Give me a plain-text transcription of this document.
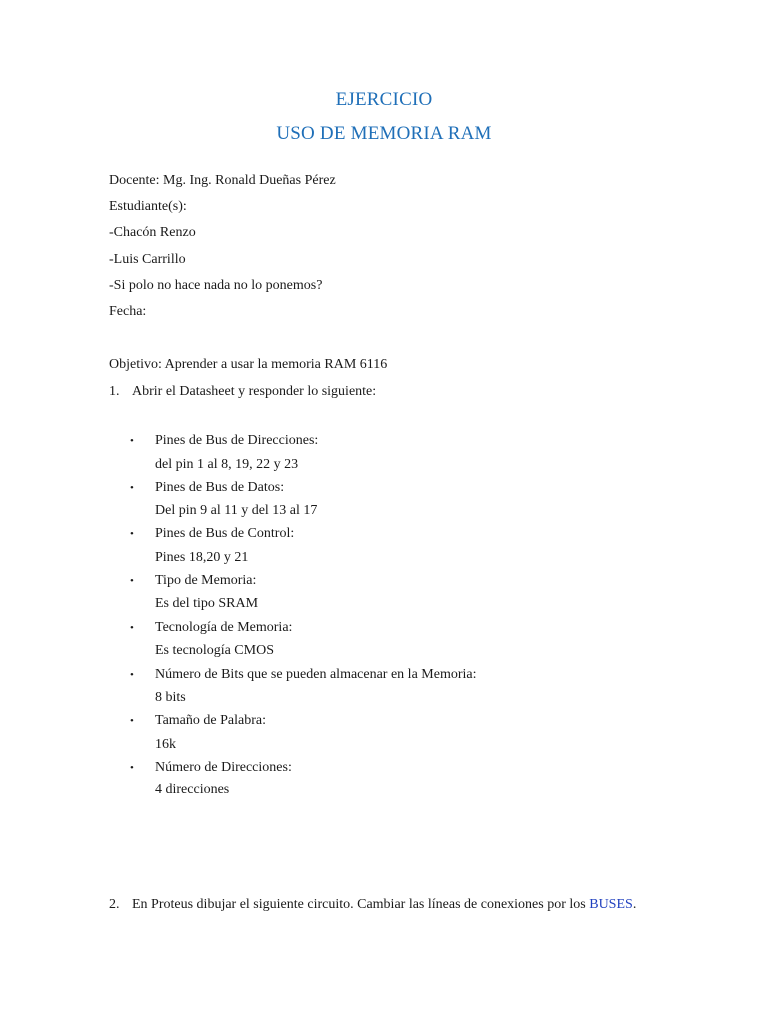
EJERCICIO
USO DE MEMORIA RAM
Docente: Mg. Ing. Ronald Dueñas Pérez
Estudiante(s):
-Chacón Renzo
-Luis Carrillo
-Si polo no hace nada no lo ponemos?
Fecha:
Objetivo: Aprender a usar la memoria RAM 6116
1. Abrir el Datasheet y responder lo siguiente:
• Pines de Bus de Direcciones:
del pin 1 al 8, 19, 22 y 23
• Pines de Bus de Datos:
Del pin 9 al 11 y del 13 al 17
• Pines de Bus de Control:
Pines 18,20 y 21
• Tipo de Memoria:
Es del tipo SRAM
• Tecnología de Memoria:
Es tecnología CMOS
• Número de Bits que se pueden almacenar en la Memoria:
8 bits
• Tamaño de Palabra:
16k
• Número de Direcciones:
4 direcciones
2. En Proteus dibujar el siguiente circuito. Cambiar las líneas de conexiones por los BUSES.
